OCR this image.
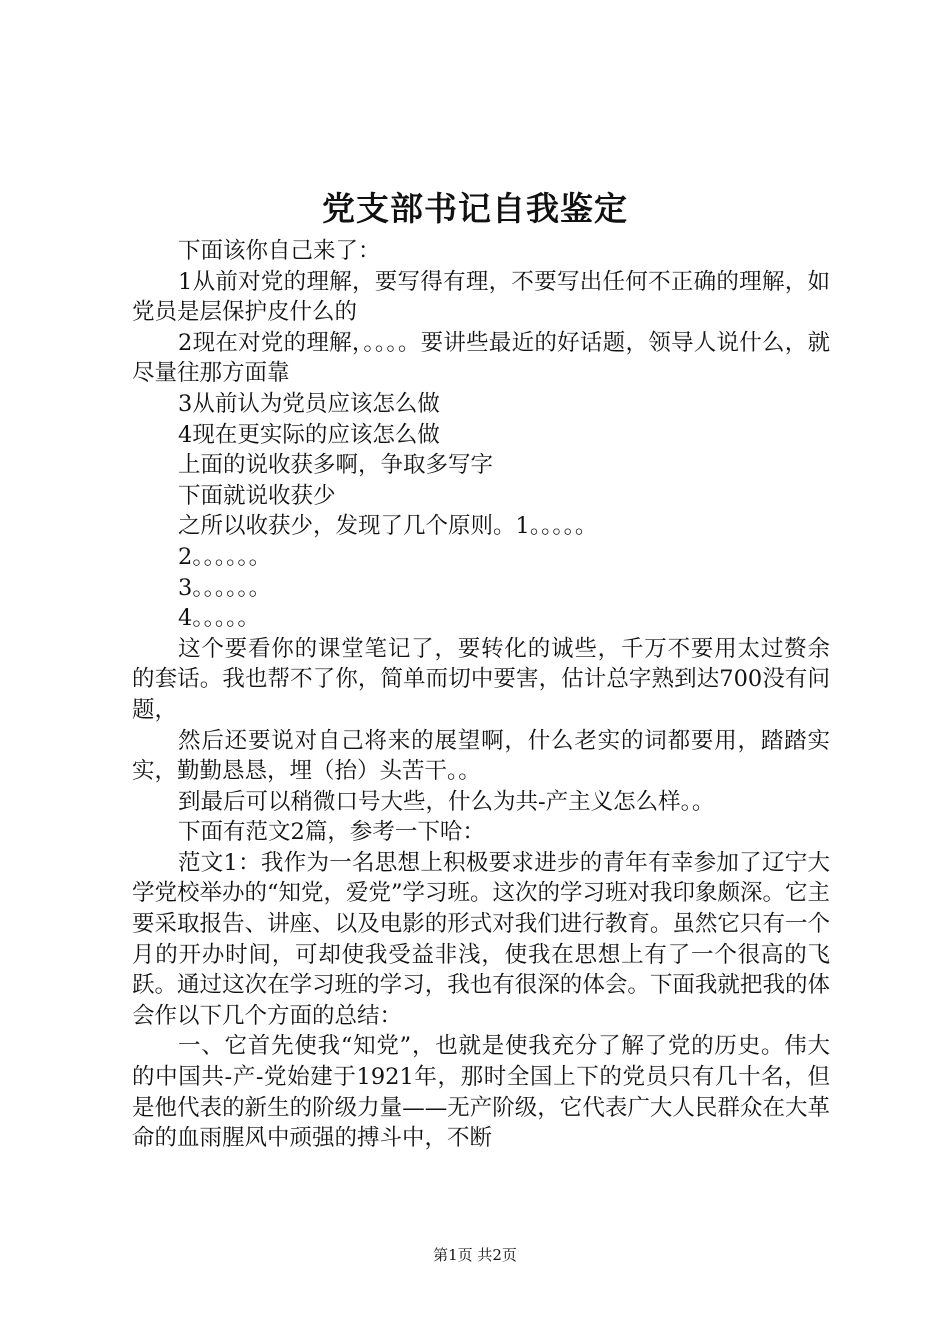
党支部书记自我鉴定

下面该你自己来了：

1从前对党的理解，要写得有理，不要写出任何不正确的理解，如党员是层保护皮什么的

2现在对党的理解，。。。。要讲些最近的好话题，领导人说什么，就尽量往那方面靠

3从前认为党员应该怎么做

4现在更实际的应该怎么做

上面的说收获多啊，争取多写字

下面就说收获少

之所以收获少，发现了几个原则。1。。。。。

2。。。。。。

3。。。。。。

4。。。。。

这个要看你的课堂笔记了，要转化的诚些，千万不要用太过赘余的套话。我也帮不了你，简单而切中要害，估计总字熟到达700没有问题，

然后还要说对自己将来的展望啊，什么老实的词都要用，踏踏实实，勤勤恳恳，埋（抬）头苦干。。

到最后可以稍微口号大些，什么为共-产主义怎么样。。

下面有范文2篇，参考一下哈：

范文1：我作为一名思想上积极要求进步的青年有幸参加了辽宁大学党校举办的“知党，爱党”学习班。这次的学习班对我印象颇深。它主要采取报告、讲座、以及电影的形式对我们进行教育。虽然它只有一个月的开办时间，可却使我受益非浅，使我在思想上有了一个很高的飞跃。通过这次在学习班的学习，我也有很深的体会。下面我就把我的体会作以下几个方面的总结：

一、它首先使我“知党”，也就是使我充分了解了党的历史。伟大的中国共-产-党始建于1921年，那时全国上下的党员只有几十名，但是他代表的新生的阶级力量——无产阶级，它代表广大人民群众在大革命的血雨腥风中顽强的搏斗中，不断

第1页 共2页
